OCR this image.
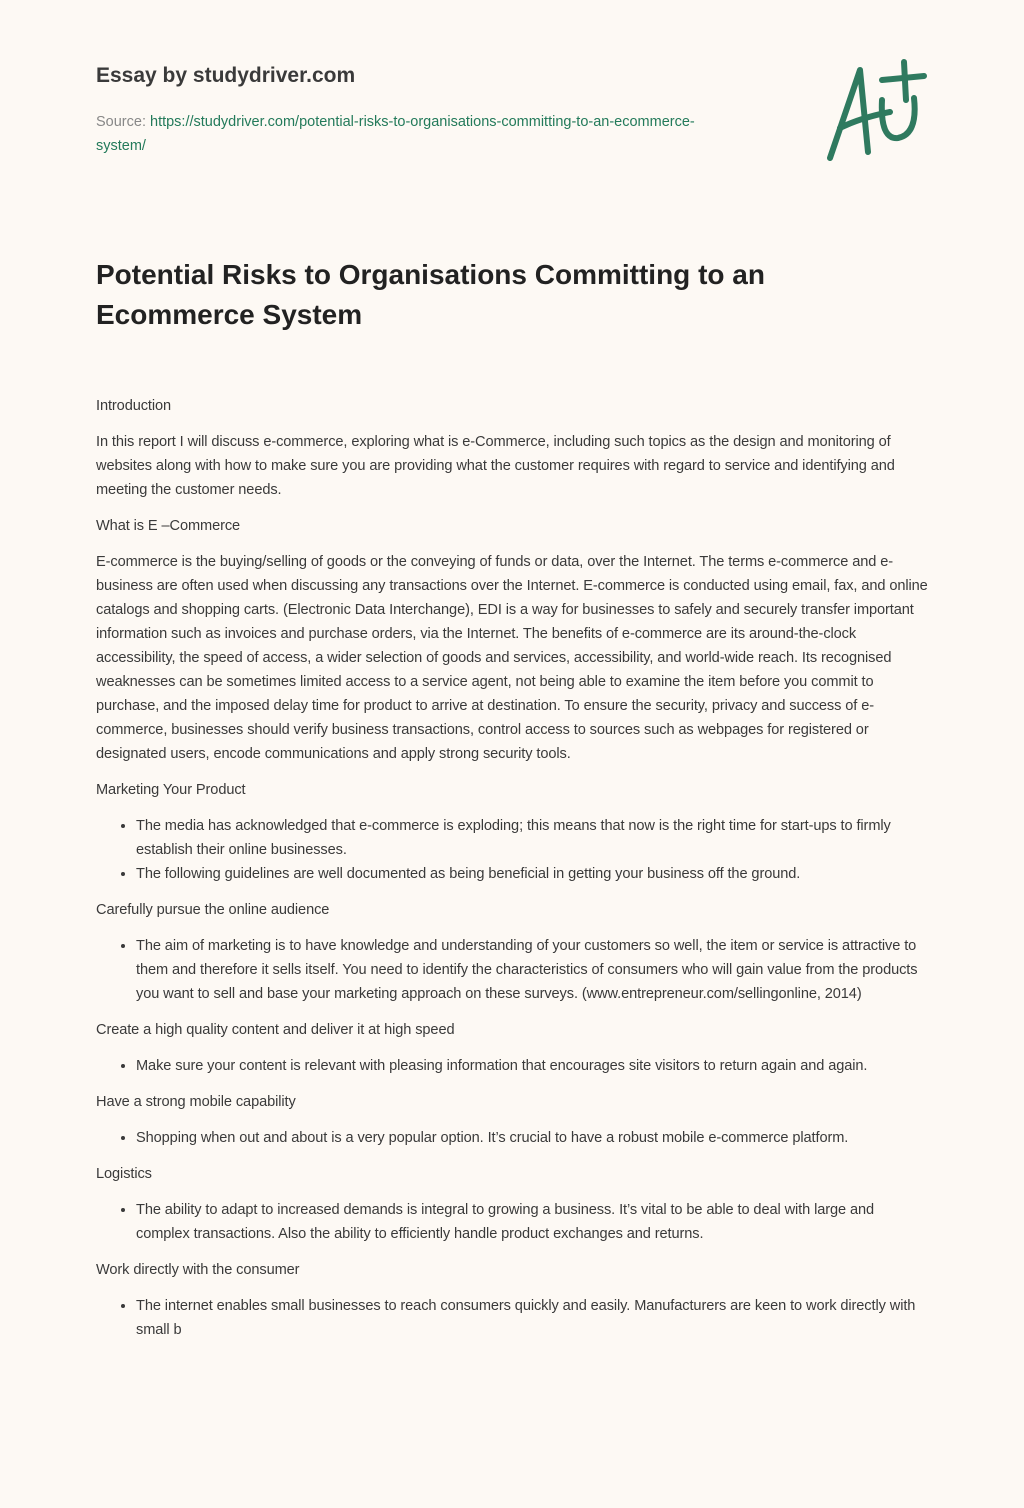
Essay by studydriver.com
Source: https://studydriver.com/potential-risks-to-organisations-committing-to-an-ecommerce-system/
Potential Risks to Organisations Committing to an Ecommerce System

Introduction

In this report I will discuss e-commerce, exploring what is e-Commerce, including such topics as the design and monitoring of websites along with how to make sure you are providing what the customer requires with regard to service and identifying and meeting the customer needs.

What is E –Commerce

E-commerce is the buying/selling of goods or the conveying of funds or data, over the Internet. The terms e-commerce and e-business are often used when discussing any transactions over the Internet. E-commerce is conducted using email, fax, and online catalogs and shopping carts. (Electronic Data Interchange), EDI is a way for businesses to safely and securely transfer important information such as invoices and purchase orders, via the Internet. The benefits of e-commerce are its around-the-clock accessibility, the speed of access, a wider selection of goods and services, accessibility, and world-wide reach. Its recognised weaknesses can be sometimes limited access to a service agent, not being able to examine the item before you commit to purchase, and the imposed delay time for product to arrive at destination. To ensure the security, privacy and success of e-commerce, businesses should verify business transactions, control access to sources such as webpages for registered or designated users, encode communications and apply strong security tools.

Marketing Your Product

• The media has acknowledged that e-commerce is exploding; this means that now is the right time for start-ups to firmly establish their online businesses.
• The following guidelines are well documented as being beneficial in getting your business off the ground.

Carefully pursue the online audience

• The aim of marketing is to have knowledge and understanding of your customers so well, the item or service is attractive to them and therefore it sells itself. You need to identify the characteristics of consumers who will gain value from the products you want to sell and base your marketing approach on these surveys. (www.entrepreneur.com/sellingonline, 2014)

Create a high quality content and deliver it at high speed

• Make sure your content is relevant with pleasing information that encourages site visitors to return again and again.

Have a strong mobile capability

• Shopping when out and about is a very popular option. It’s crucial to have a robust mobile e-commerce platform.

Logistics

• The ability to adapt to increased demands is integral to growing a business. It’s vital to be able to deal with large and complex transactions. Also the ability to efficiently handle product exchanges and returns.

Work directly with the consumer

• The internet enables small businesses to reach consumers quickly and easily. Manufacturers are keen to work directly with small b
